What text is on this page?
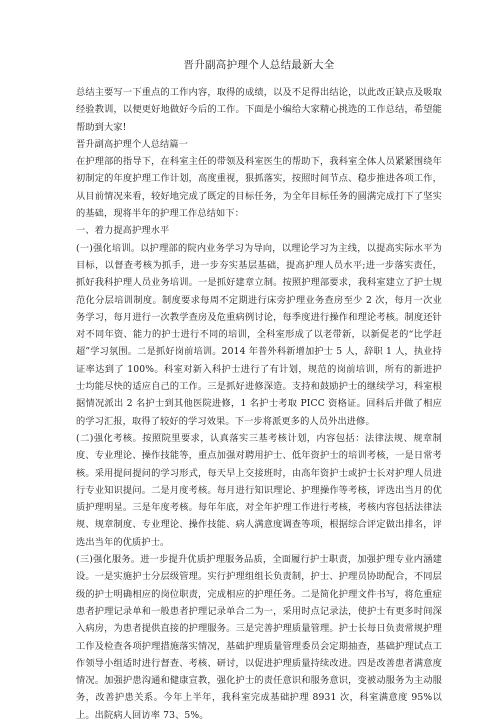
晋升副高护理个人总结最新大全

总结主要写一下重点的工作内容，取得的成绩，以及不足得出结论，以此改正缺点及吸取经验教训，以便更好地做好今后的工作。下面是小编给大家精心挑选的工作总结，希望能帮助到大家!

晋升副高护理个人总结篇一

在护理部的指导下，在科室主任的带领及科室医生的帮助下，我科室全体人员紧紧围绕年初制定的年度护理工作计划，高度重视，狠抓落实，按照时间节点、稳步推进各项工作，从目前情况来看，较好地完成了既定的目标任务，为全年目标任务的圆满完成打下了坚实的基础，现将半年的护理工作总结如下：

一、着力提高护理水平

(一)强化培训。以护理部的院内业务学习为导向，以理论学习为主线，以提高实际水平为目标，以督查考核为抓手，进一步夯实基层基础，提高护理人员水平;进一步落实责任，抓好我科护理人员业务培训。一是抓好建章立制。按照护理部要求，我科室建立了护士规范化分层培训制度。制度要求每周不定期进行床旁护理业务查房至少 2 次，每月一次业务学习，每月进行一次教学查房及危重病例讨论，每季度进行操作和理论考核。制度还针对不同年资、能力的护士进行不同的培训，全科室形成了以老带新，以新促老的“比学赶超”学习氛围。二是抓好岗前培训。2014 年普外科新增加护士 5 人，辞职 1 人，执业持证率达到了 100%。科室对新入科护士进行了有计划，规范的岗前培训，所有的新进护士均能尽快的适应自己的工作。三是抓好进修深造。支持和鼓励护士的继续学习，科室根据情况派出 2 名护士到其他医院进修，1 名护士考取 PICC 资格证。回科后并做了相应的学习汇报，取得了较好的学习效果。下一步将派更多的人员外出进修。

(二)强化考核。按照院里要求，认真落实三基考核计划，内容包括：法律法规、规章制度、专业理论、操作技能等，重点加强对聘用护士、低年资护士的培训考核，一是日常考核。采用提问提问的学习形式，每天早上交接班时，由高年资护士或护士长对护理人员进行专业知识提问。二是月度考核。每月进行知识理论、护理操作等考核，评选出当月的优质护理明星。三是年度考核。每年年底，对全年护理工作进行考核，考核内容包括法律法规、规章制度、专业理论、操作技能、病人满意度调查等项，根据综合评定做出排名，评选出当年的优质护士。

(三)强化服务。进一步提升优质护理服务品质，全面履行护士职责，加强护理专业内涵建设。一是实施护士分层级管理。实行护理组组长负责制，护士、护理员协助配合，不同层级的护士明确相应的岗位职责，完成相应的护理任务。二是简化护理文件书写，将危重症患者护理记录单和一般患者护理记录单合二为一，采用时点记录法，使护士有更多时间深入病房，为患者提供直接的护理服务。三是完善护理质量管理。护士长每日负责常规护理工作及检查各项护理措施落实情况，基础护理质量管理委员会定期抽查，基础护理试点工作领导小组适时进行督查、考核、研讨，以促进护理质量持续改进。四是改善患者满意度情况。加强护患沟通和健康宣教，强化护士的责任意识和服务意识，变被动服务为主动服务，改善护患关系。今年上半年，我科室完成基础护理 8931 次，科室满意度 95%以上。出院病人回访率 73、5%。
